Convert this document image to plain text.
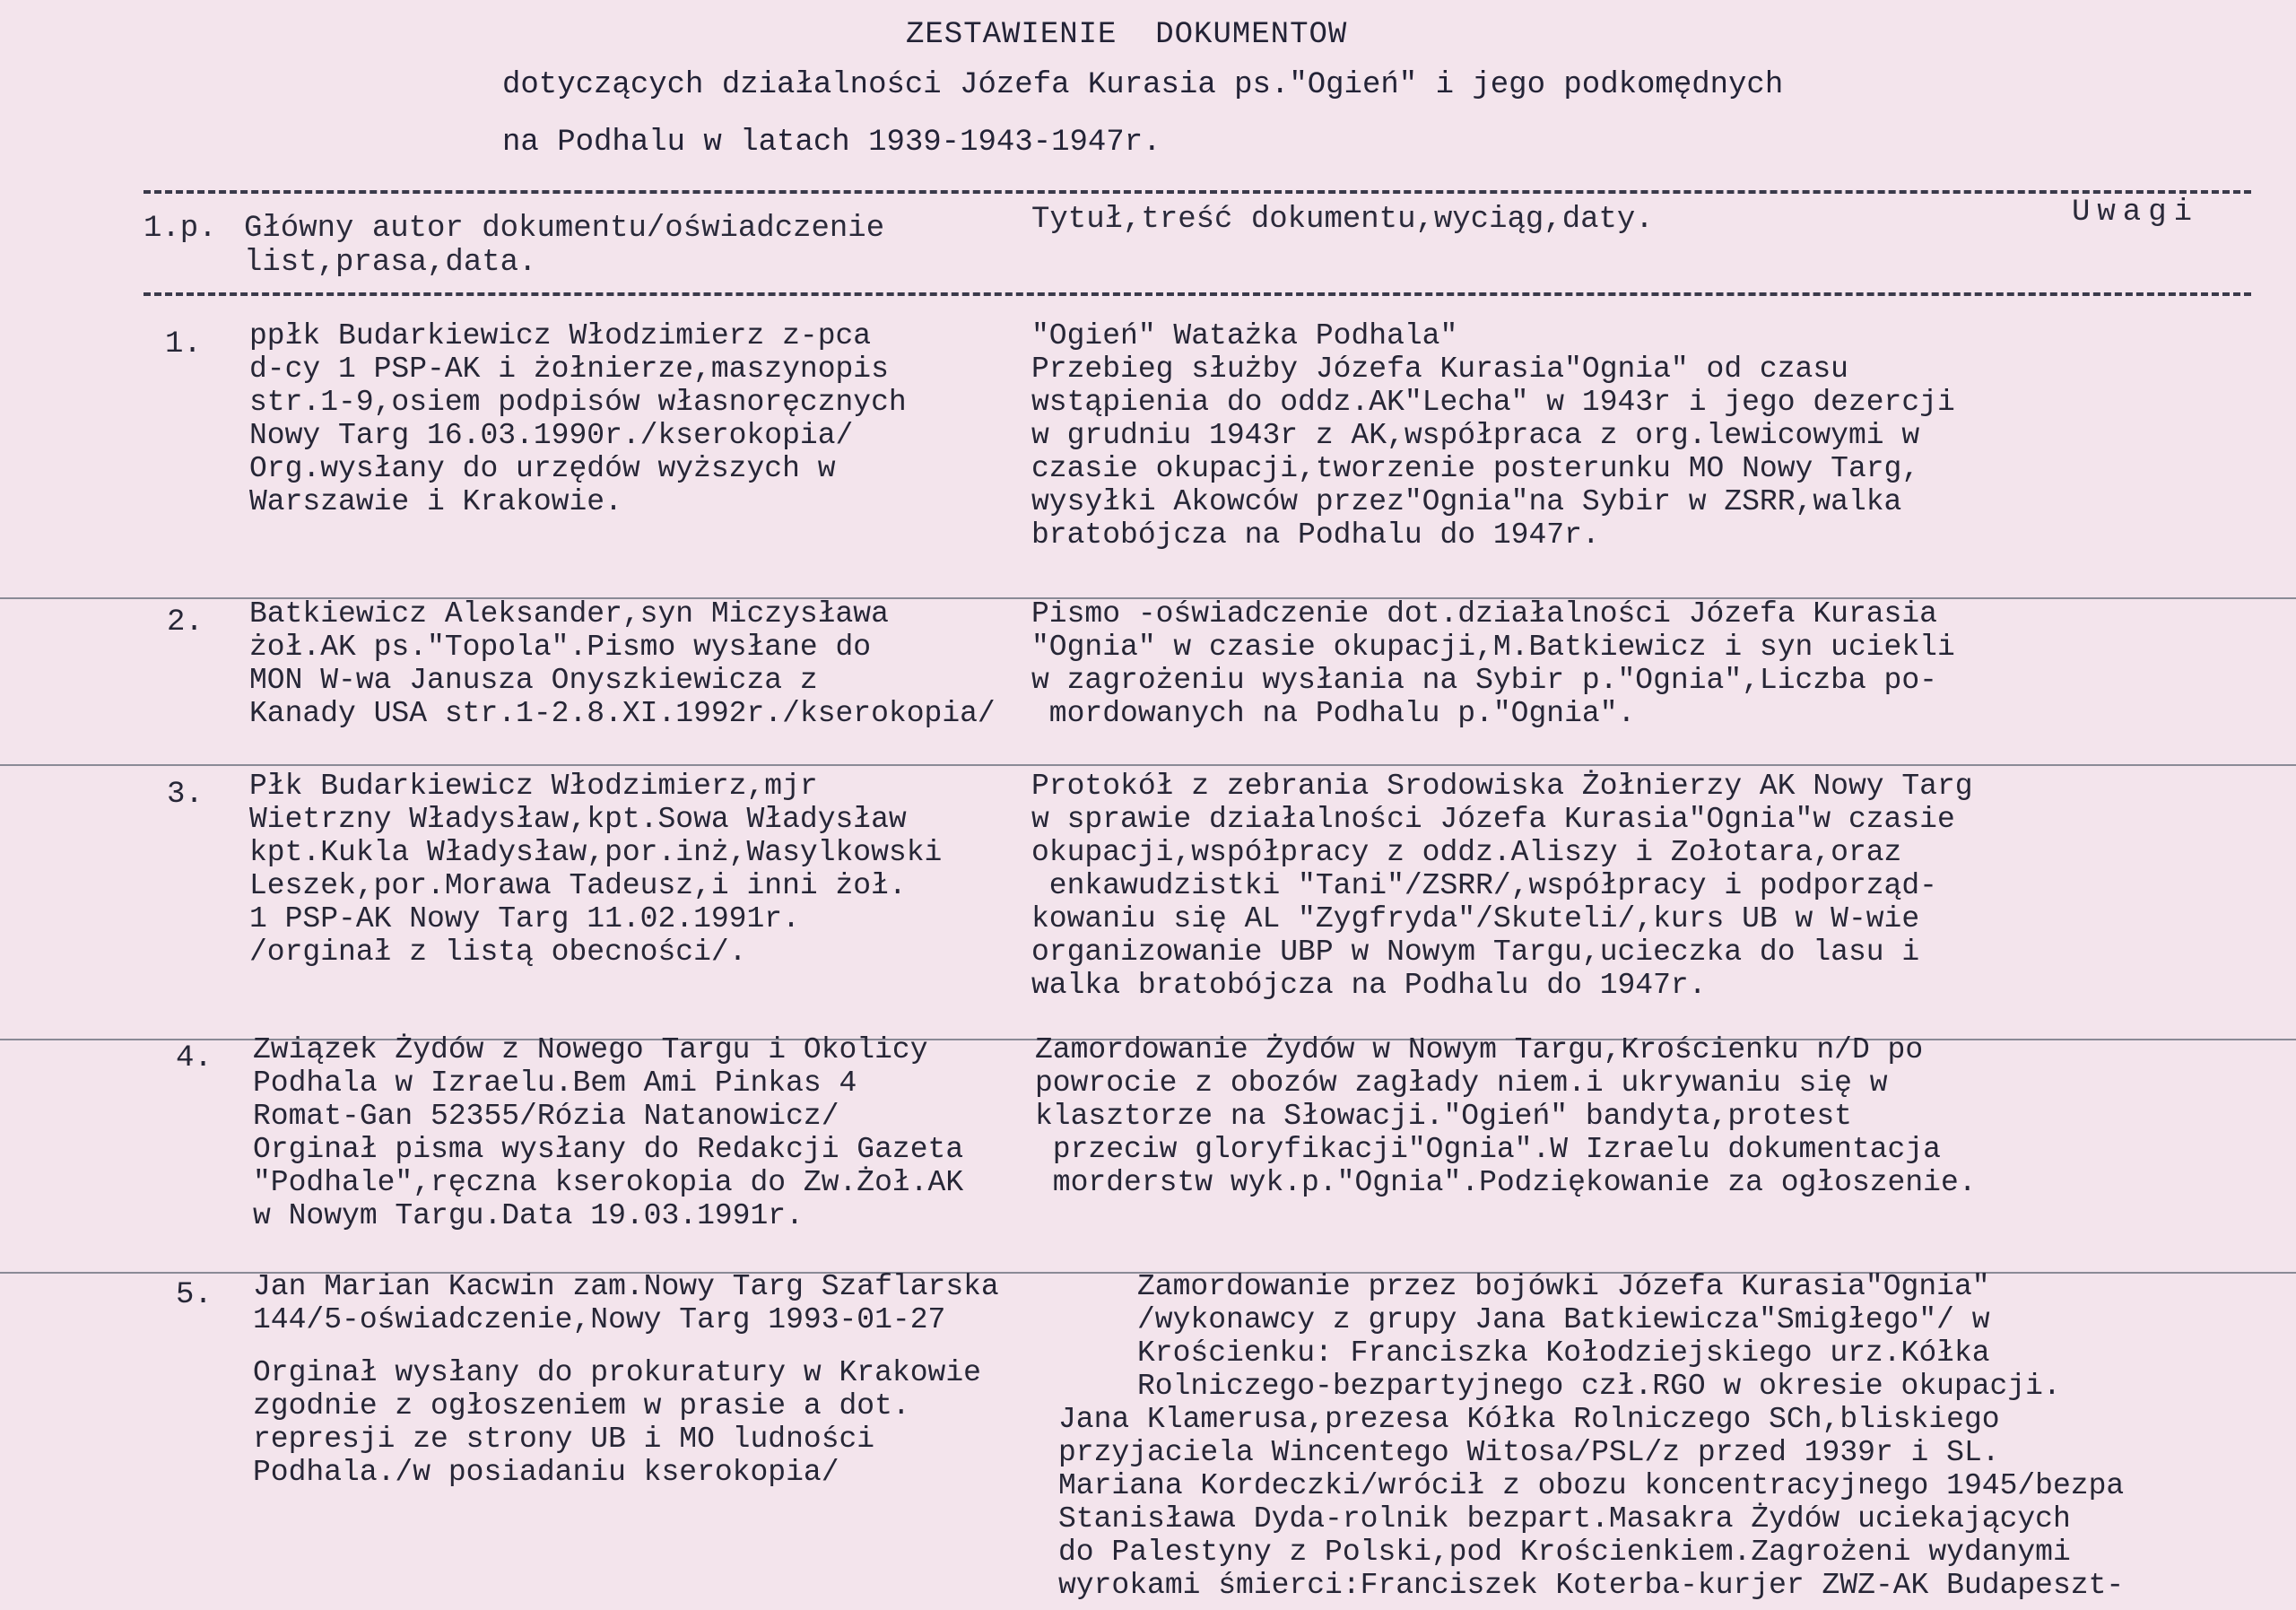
ZESTAWIENIE  DOKUMENTOW
dotyczących działalności Józefa Kurasia ps."Ogień" i jego podkomędnych
na Podhalu w latach 1939-1943-1947r.
1.p. Główny autor dokumentu/oświadczenie
list,prasa,data.
Tytuł,treść dokumentu,wyciąg,daty.	Uwagi
1. ppłk Budarkiewicz Włodzimierz z-pca
d-cy 1 PSP-AK i żołnierze,maszynopis
str.1-9,osiem podpisów własnoręcznych
Nowy Targ 16.03.1990r./kserokopia/
Org.wysłany do urzędów wyższych w
Warszawie i Krakowie.
"Ogień" Watażka Podhala"
Przebieg służby Józefa Kurasia"Ognia" od czasu
wstąpienia do oddz.AK"Lecha" w 1943r i jego dezercji
w grudniu 1943r z AK,współpraca z org.lewicowymi w
czasie okupacji,tworzenie posterunku MO Nowy Targ,
wysyłki Akowców przez"Ognia"na Sybir w ZSRR,walka
bratobójcza na Podhalu do 1947r.
2. Batkiewicz Aleksander,syn Miczysława
żoł.AK ps."Topola".Pismo wysłane do
MON W-wa Janusza Onyszkiewicza z
Kanady USA str.1-2.8.XI.1992r./kserokopia/
Pismo -oświadczenie dot.działalności Józefa Kurasia
"Ognia" w czasie okupacji,M.Batkiewicz i syn uciekli
w zagrożeniu wysłania na Sybir p."Ognia",Liczba po-
mordowanych na Podhalu p."Ognia".
3. Płk Budarkiewicz Włodzimierz,mjr
Wietrzny Władysław,kpt.Sowa Władysław
kpt.Kukla Władysław,por.inż,Wasylkowski
Leszek,por.Morawa Tadeusz,i inni żoł.
1 PSP-AK Nowy Targ 11.02.1991r.
/orginał z listą obecności/.
Protokół z zebrania Srodowiska Żołnierzy AK Nowy Targ
w sprawie działalności Józefa Kurasia"Ognia"w czasie
okupacji,współpracy z oddz.Aliszy i Zołotara,oraz
enkawudzistki "Tani"/ZSRR/,współpracy i podporząd-
kowaniu się AL "Zygfryda"/Skuteli/,kurs UB w W-wie
organizowanie UBP w Nowym Targu,ucieczka do lasu i
walka bratobójcza na Podhalu do 1947r.
4. Związek Żydów z Nowego Targu i Okolicy
Podhala w Izraelu.Bem Ami Pinkas 4
Romat-Gan 52355/Rózia Natanowicz/
Orginał pisma wysłany do Redakcji Gazeta
"Podhale",ręczna kserokopia do Zw.Żoł.AK
w Nowym Targu.Data 19.03.1991r.
Zamordowanie Żydów w Nowym Targu,Krościenku n/D po
powrocie z obozów zagłady niem.i ukrywaniu się w
klasztorze na Słowacji."Ogień" bandyta,protest
przeciw gloryfikacji"Ognia".W Izraelu dokumentacja
morderstw wyk.p."Ognia".Podziękowanie za ogłoszenie.
5. Jan Marian Kacwin zam.Nowy Targ Szaflarska
144/5-oświadczenie,Nowy Targ 1993-01-27
Orginał wysłany do prokuratury w Krakowie
zgodnie z ogłoszeniem w prasie a dot.
represji ze strony UB i MO ludności
Podhala./w posiadaniu kserokopia/
Zamordowanie przez bojówki Józefa Kurasia"Ognia"
/wykonawcy z grupy Jana Batkiewicza"Smigłego"/ w
Krościenku: Franciszka Kołodziejskiego urz.Kółka
Rolniczego-bezpartyjnego czł.RGO w okresie okupacji.
Jana Klamerusa,prezesa Kółka Rolniczego SCh,bliskiego
przyjaciela Wincentego Witosa/PSL/z przed 1939r i SL.
Mariana Kordeczki/wrócił z obozu koncentracyjnego 1945/bezpa
Stanisława Dyda-rolnik bezpart.Masakra Żydów uciekających
do Palestyny z Polski,pod Krościenkiem.Zagrożeni wydanymi
wyrokami śmierci:Franciszek Koterba-kurjer ZWZ-AK Budapeszt-
